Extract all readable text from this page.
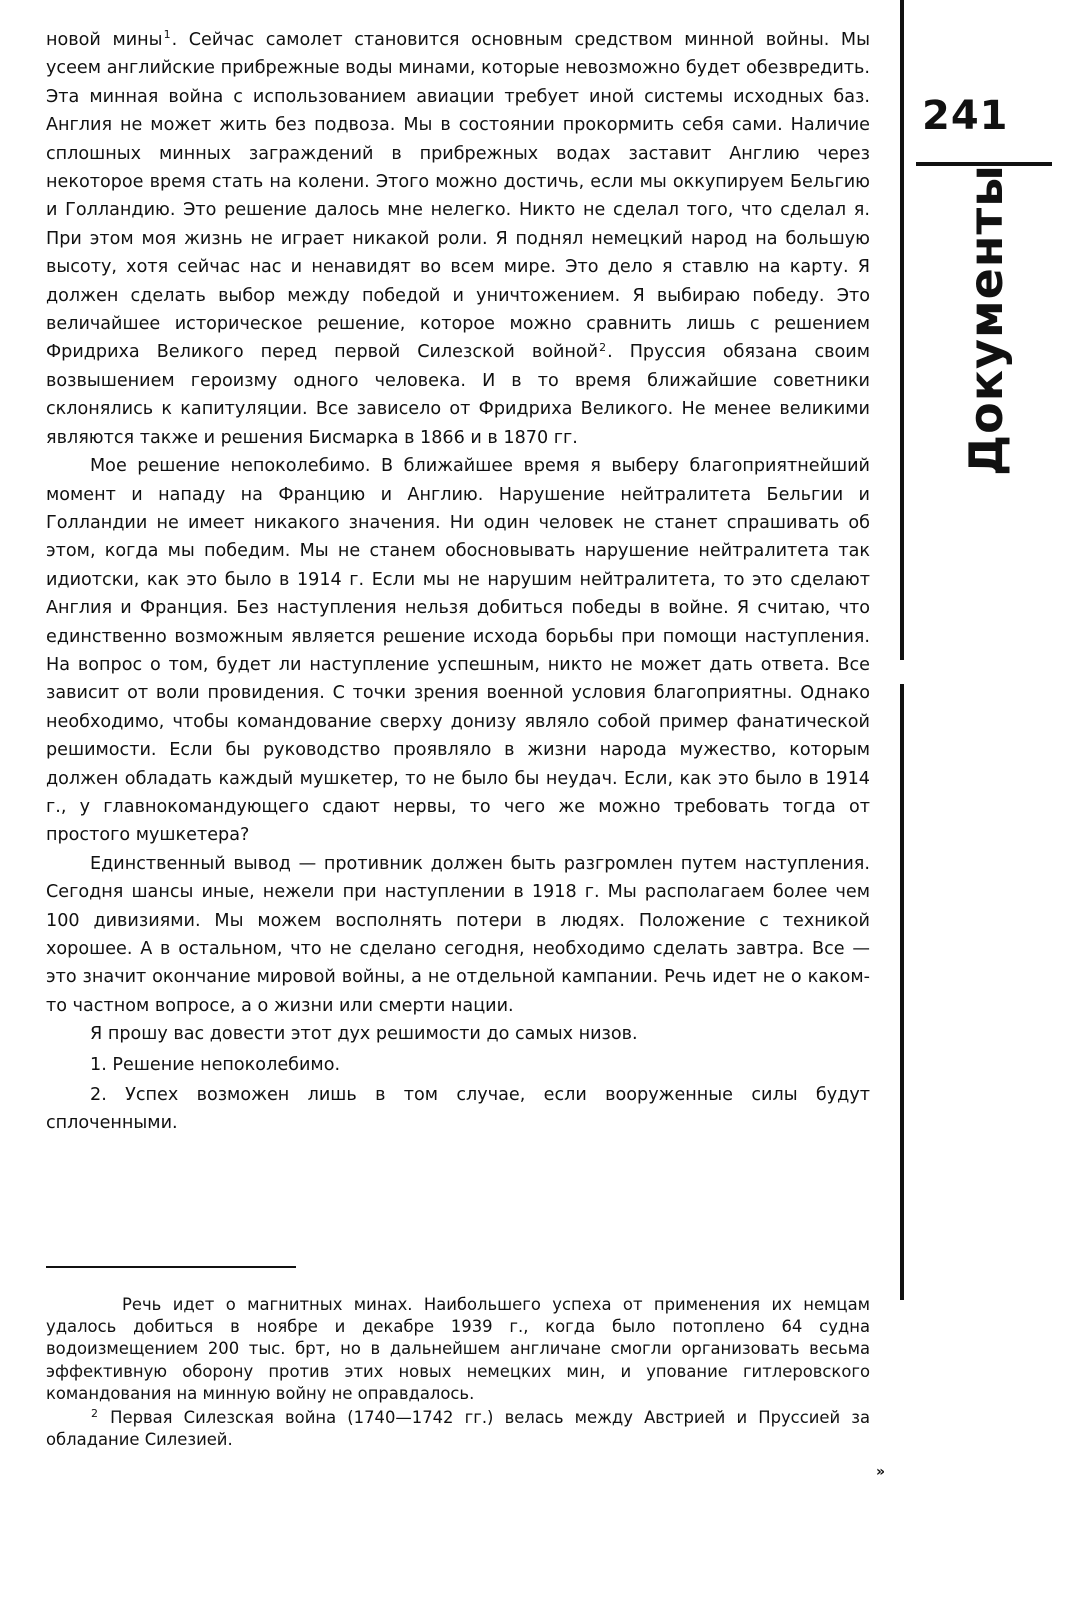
новой мины$^1$. Сейчас самолет становится основным средством минной войны. Мы усеем английские прибрежные воды минами, которые невозможно будет обезвредить. Эта минная война с использованием авиации требует иной системы исходных баз. Англия не может жить без подвоза. Мы в состоянии прокормить себя сами. Наличие сплошных минных заграждений в прибрежных водах заставит Англию через некоторое время стать на колени. Этого можно достичь, если мы оккупируем Бельгию и Голландию. Это решение далось мне нелегко. Никто не сделал того, что сделал я. При этом моя жизнь не играет никакой роли. Я поднял немецкий народ на большую высоту, хотя сейчас нас и ненавидят во всем мире. Это дело я ставлю на карту. Я должен сделать выбор между победой и уничтожением. Я выбираю победу. Это величайшее историческое решение, которое можно сравнить лишь с решением Фридриха Великого перед первой Силезской войной$^2$. Пруссия обязана своим возвышением героизму одного человека. И в то время ближайшие советники склонялись к капитуляции. Все зависело от Фридриха Великого. Не менее великими являются также и решения Бисмарка в 1866 и в 1870 гг.

Мое решение непоколебимо. В ближайшее время я выберу благоприятнейший момент и нападу на Францию и Англию. Нарушение нейтралитета Бельгии и Голландии не имеет никакого значения. Ни один человек не станет спрашивать об этом, когда мы победим. Мы не станем обосновывать нарушение нейтралитета так идиотски, как это было в 1914 г. Если мы не нарушим нейтралитета, то это сделают Англия и Франция. Без наступления нельзя добиться победы в войне. Я считаю, что единственно возможным является решение исхода борьбы при помощи наступления. На вопрос о том, будет ли наступление успешным, никто не может дать ответа. Все зависит от воли провидения. С точки зрения военной условия благоприятны. Однако необходимо, чтобы командование сверху донизу являло собой пример фанатической решимости. Если бы руководство проявляло в жизни народа мужество, которым должен обладать каждый мушкетер, то не было бы неудач. Если, как это было в 1914 г., у главнокомандующего сдают нервы, то чего же можно требовать тогда от простого мушкетера?

Единственный вывод — противник должен быть разгромлен путем наступления. Сегодня шансы иные, нежели при наступлении в 1918 г. Мы располагаем более чем 100 дивизиями. Мы можем восполнять потери в людях. Положение с техникой хорошее. А в остальном, что не сделано сегодня, необходимо сделать завтра. Все — это значит окончание мировой войны, а не отдельной кампании. Речь идет не о каком-то частном вопросе, а о жизни или смерти нации.

Я прошу вас довести этот дух решимости до самых низов.

1. Решение непоколебимо.

2. Успех возможен лишь в том случае, если вооруженные силы будут сплоченными.

Речь идет о магнитных минах. Наибольшего успеха от применения их немцам удалось добиться в ноябре и декабре 1939 г., когда было потоплено 64 судна водоизмещением 200 тыс. брт, но в дальнейшем англичане смогли организовать весьма эффективную оборону против этих новых немецких мин, и упование гитлеровского командования на минную войну не оправдалось.

$^2$ Первая Силезская война (1740—1742 гг.) велась между Австрией и Пруссией за обладание Силезией.

241
Документы
»
